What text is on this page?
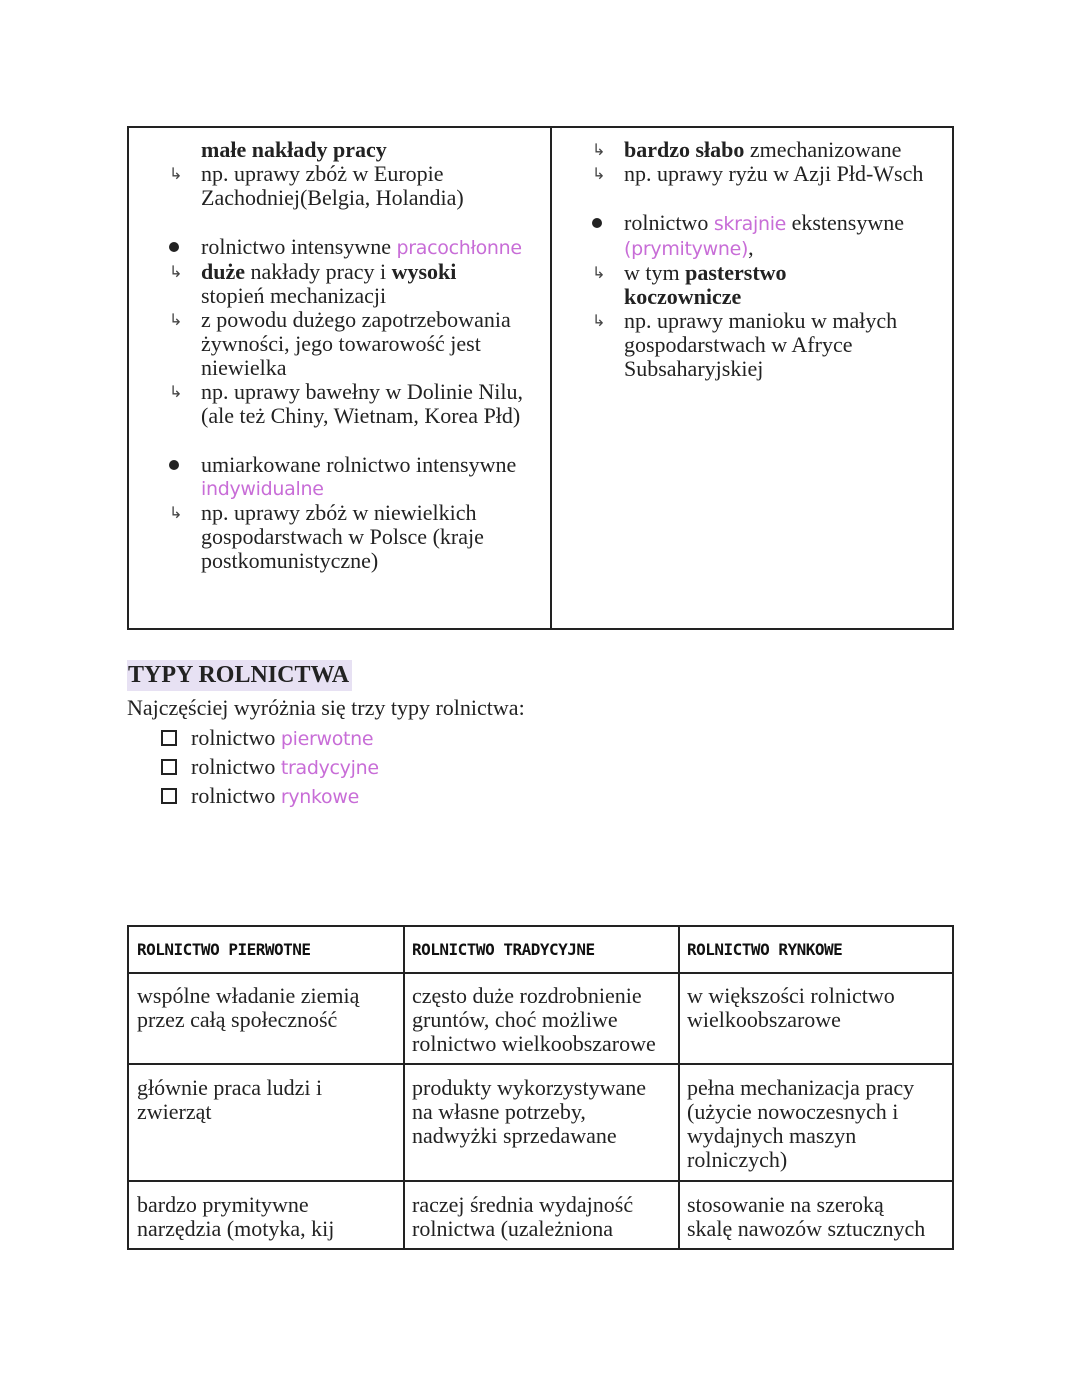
małe nakłady pracy
↳ np. uprawy zbóż w Europie
Zachodniej(Belgia, Holandia)
rolnictwo intensywne pracochłonne
↳ duże nakłady pracy i wysoki
stopień mechanizacji
↳ z powodu dużego zapotrzebowania
żywności, jego towarowość jest
niewielka
↳ np. uprawy bawełny w Dolinie Nilu,
(ale też Chiny, Wietnam, Korea Płd)
umiarkowane rolnictwo intensywne
indywidualne
↳ np. uprawy zbóż w niewielkich
gospodarstwach w Polsce (kraje
postkomunistyczne)
↳ bardzo słabo zmechanizowane
↳ np. uprawy ryżu w Azji Płd-Wsch
rolnictwo skrajnie ekstensywne
(prymitywne),
↳ w tym pasterstwo
koczownicze
↳ np. uprawy manioku w małych
gospodarstwach w Afryce
Subsaharyjskiej
TYPY ROLNICTWA
Najczęściej wyróżnia się trzy typy rolnictwa:
rolnictwo pierwotne
rolnictwo tradycyjne
rolnictwo rynkowe
ROLNICTWO PIERWOTNE	ROLNICTWO TRADYCYJNE	ROLNICTWO RYNKOWE
wspólne władanie ziemią
przez całą społeczność
często duże rozdrobnienie
gruntów, choć możliwe
rolnictwo wielkoobszarowe
w większości rolnictwo
wielkoobszarowe
głównie praca ludzi i
zwierząt
produkty wykorzystywane
na własne potrzeby,
nadwyżki sprzedawane
pełna mechanizacja pracy
(użycie nowoczesnych i
wydajnych maszyn
rolniczych)
bardzo prymitywne
narzędzia (motyka, kij
raczej średnia wydajność
rolnictwa (uzależniona
stosowanie na szeroką
skalę nawozów sztucznych
